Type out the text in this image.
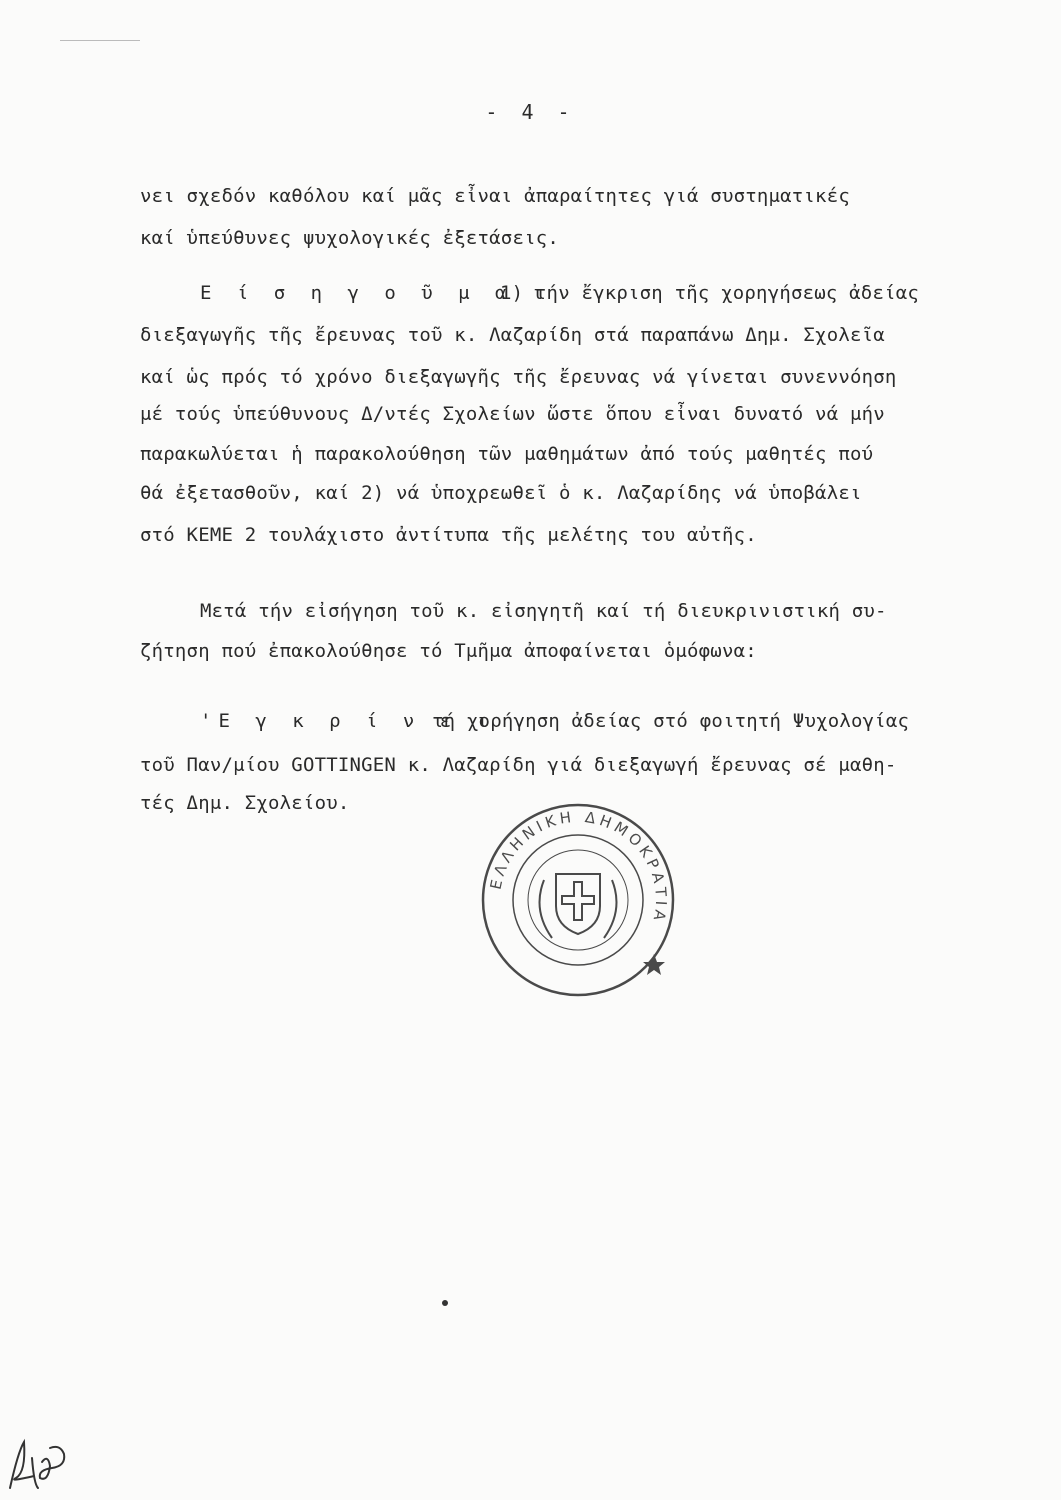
- 4 -
νει σχεδόν καθόλου καί μᾶς εἶναι ἀπαραίτητες γιά συστηματικές
καί ὑπεύθυνες ψυχολογικές ἐξετάσεις.
Ε ί σ η γ ο ῦ μ α ι
1) τήν ἔγκριση τῆς χορηγήσεως ἀδείας
διεξαγωγῆς τῆς ἔρευνας τοῦ κ. Λαζαρίδη στά παραπάνω Δημ. Σχολεῖα
καί ὡς πρός τό χρόνο διεξαγωγῆς τῆς ἔρευνας νά γίνεται συνεννόηση
μέ τούς ὑπεύθυνους Δ/ντές Σχολείων ὥστε ὅπου εἶναι δυνατό νά μήν
παρακωλύεται ἡ παρακολούθηση τῶν μαθημάτων ἀπό τούς μαθητές πού
θά ἐξετασθοῦν, καί 2) νά ὑποχρεωθεῖ ὁ κ. Λαζαρίδης νά ὑποβάλει
στό ΚΕΜΕ 2 τουλάχιστο ἀντίτυπα τῆς μελέτης του αὐτῆς.
Μετά τήν εἰσήγηση τοῦ κ. εἰσηγητῆ καί τή διευκρινιστική συ-
ζήτηση πού ἐπακολούθησε τό Τμῆμα ἀποφαίνεται ὁμόφωνα:
'Ε γ κ ρ ί ν ε ι
τή χορήγηση ἀδείας στό φοιτητή Ψυχολογίας
τοῦ Παν/μίου GOTTINGEN κ. Λαζαρίδη γιά διεξαγωγή ἔρευνας σέ μαθη-
τές Δημ. Σχολείου.
ΕΛΛΗΝΙΚΗ ΔΗΜΟΚΡΑΤΙΑ
